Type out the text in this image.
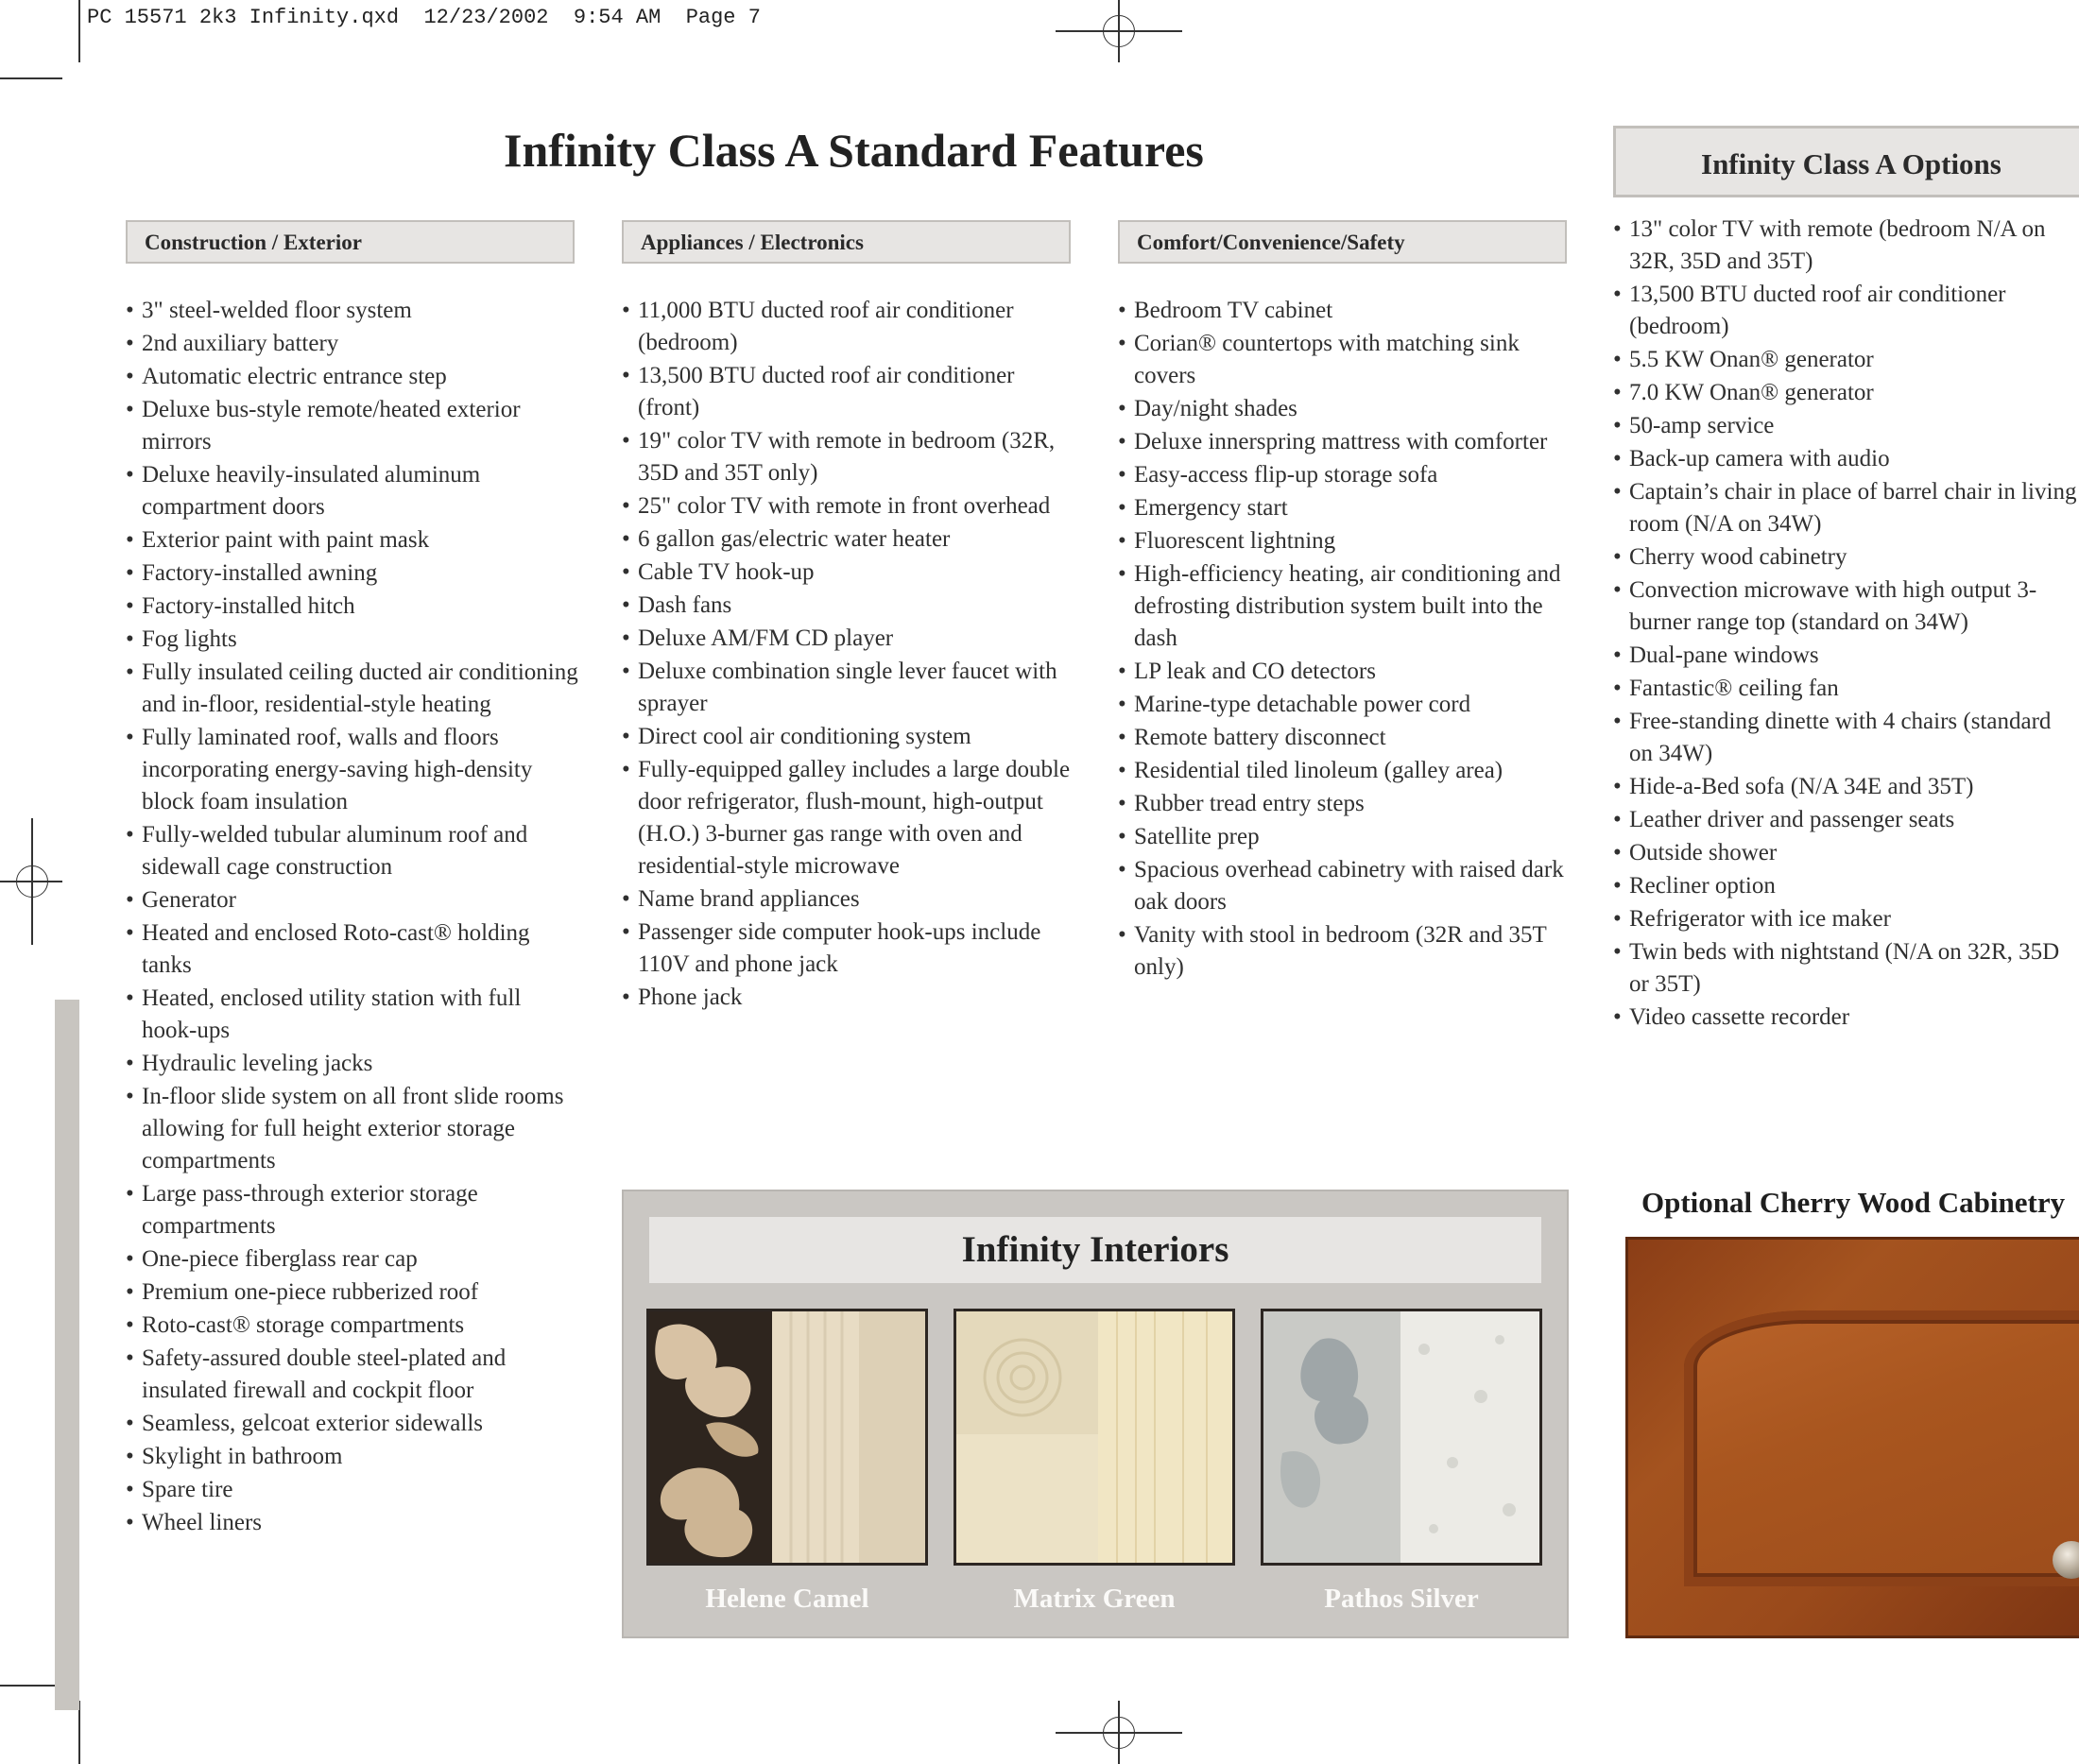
PC 15571 2k3 Infinity.qxd  12/23/2002  9:54 AM  Page 7
Infinity Class A Standard Features
Construction / Exterior	Appliances / Electronics	Comfort/Convenience/Safety
• 3" steel-welded floor system
• 2nd auxiliary battery
• Automatic electric entrance step
• Deluxe bus-style remote/heated exterior mirrors
• Deluxe heavily-insulated aluminum compartment doors
• Exterior paint with paint mask
• Factory-installed awning
• Factory-installed hitch
• Fog lights
• Fully insulated ceiling ducted air conditioning and in-floor, residential-style heating
• Fully laminated roof, walls and floors incorporating energy-saving high-density block foam insulation
• Fully-welded tubular aluminum roof and sidewall cage construction
• Generator
• Heated and enclosed Roto-cast® holding tanks
• Heated, enclosed utility station with full hook-ups
• Hydraulic leveling jacks
• In-floor slide system on all front slide rooms allowing for full height exterior storage compartments
• Large pass-through exterior storage compartments
• One-piece fiberglass rear cap
• Premium one-piece rubberized roof
• Roto-cast® storage compartments
• Safety-assured double steel-plated and insulated firewall and cockpit floor
• Seamless, gelcoat exterior sidewalls
• Skylight in bathroom
• Spare tire
• Wheel liners
• 11,000 BTU ducted roof air conditioner (bedroom)
• 13,500 BTU ducted roof air conditioner (front)
• 19" color TV with remote in bedroom (32R, 35D and 35T only)
• 25" color TV with remote in front overhead
• 6 gallon gas/electric water heater
• Cable TV hook-up
• Dash fans
• Deluxe AM/FM CD player
• Deluxe combination single lever faucet with sprayer
• Direct cool air conditioning system
• Fully-equipped galley includes a large double door refrigerator, flush-mount, high-output (H.O.) 3-burner gas range with oven and residential-style microwave
• Name brand appliances
• Passenger side computer hook-ups include 110V and phone jack
• Phone jack
• Bedroom TV cabinet
• Corian® countertops with matching sink covers
• Day/night shades
• Deluxe innerspring mattress with comforter
• Easy-access flip-up storage sofa
• Emergency start
• Fluorescent lightning
• High-efficiency heating, air conditioning and defrosting distribution system built into the dash
• LP leak and CO detectors
• Marine-type detachable power cord
• Remote battery disconnect
• Residential tiled linoleum (galley area)
• Rubber tread entry steps
• Satellite prep
• Spacious overhead cabinetry with raised dark oak doors
• Vanity with stool in bedroom (32R and 35T only)
Infinity Class A Options
• 13" color TV with remote (bedroom N/A on 32R, 35D and 35T)
• 13,500 BTU ducted roof air conditioner (bedroom)
• 5.5 KW Onan® generator
• 7.0 KW Onan® generator
• 50-amp service
• Back-up camera with audio
• Captain’s chair in place of barrel chair in living room (N/A on 34W)
• Cherry wood cabinetry
• Convection microwave with high output 3-burner range top (standard on 34W)
• Dual-pane windows
• Fantastic® ceiling fan
• Free-standing dinette with 4 chairs (standard on 34W)
• Hide-a-Bed sofa (N/A 34E and 35T)
• Leather driver and passenger seats
• Outside shower
• Recliner option
• Refrigerator with ice maker
• Twin beds with nightstand (N/A on 32R, 35D or 35T)
• Video cassette recorder
Infinity Interiors
Helene Camel	Matrix Green	Pathos Silver
Optional Cherry Wood Cabinetry
